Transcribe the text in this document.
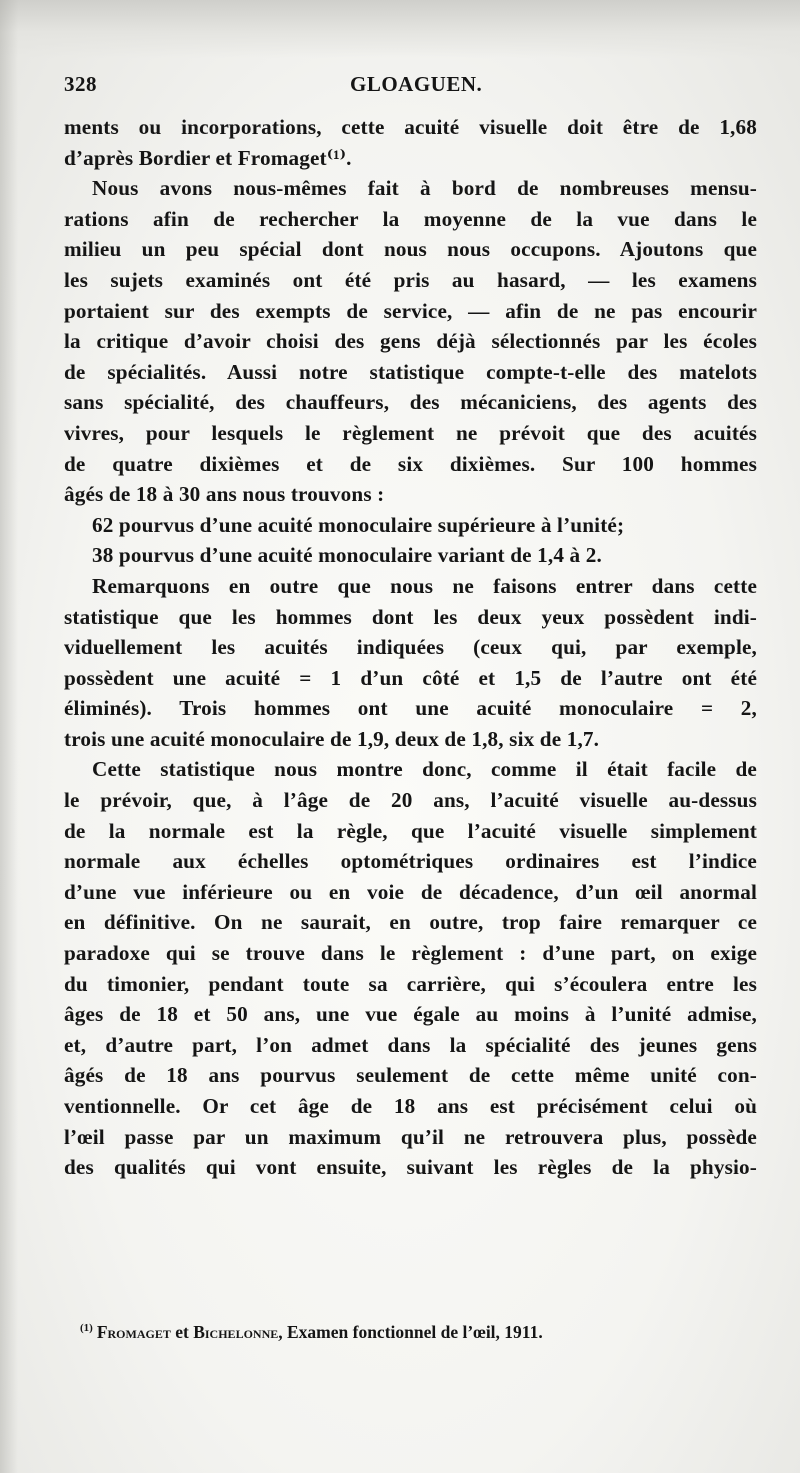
328	GLOAGUEN.
ments ou incorporations, cette acuité visuelle doit être de 1,68
d’après Bordier et Fromaget⁽¹⁾.
Nous avons nous-mêmes fait à bord de nombreuses mensu-
rations afin de rechercher la moyenne de la vue dans le
milieu un peu spécial dont nous nous occupons. Ajoutons que
les sujets examinés ont été pris au hasard, — les examens
portaient sur des exempts de service, — afin de ne pas encourir
la critique d’avoir choisi des gens déjà sélectionnés par les écoles
de spécialités. Aussi notre statistique compte-t-elle des matelots
sans spécialité, des chauffeurs, des mécaniciens, des agents des
vivres, pour lesquels le règlement ne prévoit que des acuités
de quatre dixièmes et de six dixièmes. Sur 100 hommes
âgés de 18 à 30 ans nous trouvons :
62 pourvus d’une acuité monoculaire supérieure à l’unité;
38 pourvus d’une acuité monoculaire variant de 1,4 à 2.
Remarquons en outre que nous ne faisons entrer dans cette
statistique que les hommes dont les deux yeux possèdent indi-
viduellement les acuités indiquées (ceux qui, par exemple,
possèdent une acuité = 1 d’un côté et 1,5 de l’autre ont été
éliminés). Trois hommes ont une acuité monoculaire = 2,
trois une acuité monoculaire de 1,9, deux de 1,8, six de 1,7.
Cette statistique nous montre donc, comme il était facile de
le prévoir, que, à l’âge de 20 ans, l’acuité visuelle au-dessus
de la normale est la règle, que l’acuité visuelle simplement
normale aux échelles optométriques ordinaires est l’indice
d’une vue inférieure ou en voie de décadence, d’un œil anormal
en définitive. On ne saurait, en outre, trop faire remarquer ce
paradoxe qui se trouve dans le règlement : d’une part, on exige
du timonier, pendant toute sa carrière, qui s’écoulera entre les
âges de 18 et 50 ans, une vue égale au moins à l’unité admise,
et, d’autre part, l’on admet dans la spécialité des jeunes gens
âgés de 18 ans pourvus seulement de cette même unité con-
ventionnelle. Or cet âge de 18 ans est précisément celui où
l’œil passe par un maximum qu’il ne retrouvera plus, possède
des qualités qui vont ensuite, suivant les règles de la physio-
$^{(1)}$ Fromaget et Bichelonne, Examen fonctionnel de l’œil, 1911.
